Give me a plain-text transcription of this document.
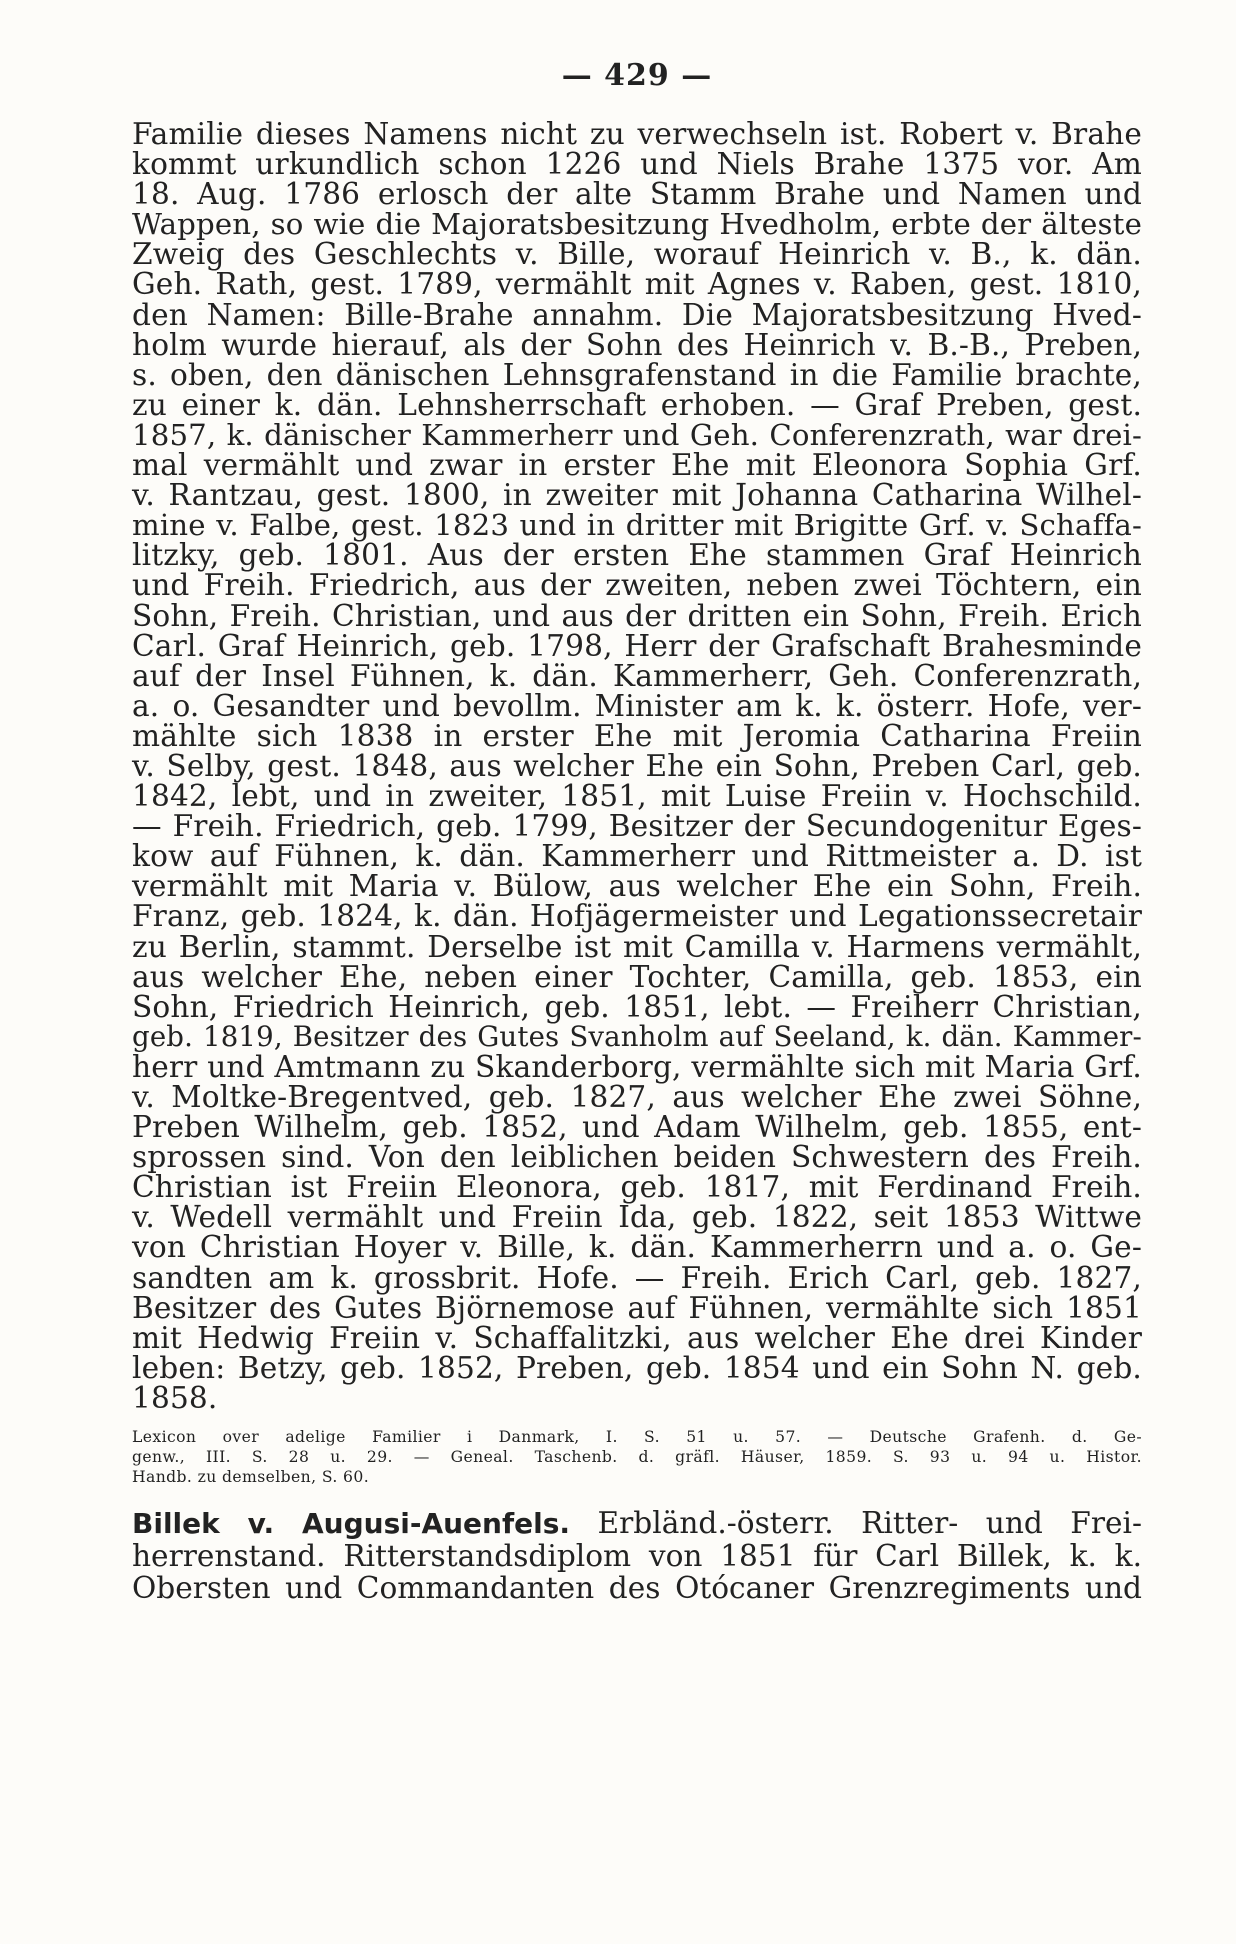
— 429 —

Familie dieses Namens nicht zu verwechseln ist. Robert v. Brahe

kommt urkundlich schon 1226 und Niels Brahe 1375 vor. Am

18. Aug. 1786 erlosch der alte Stamm Brahe und Namen und

Wappen, so wie die Majoratsbesitzung Hvedholm, erbte der älteste

Zweig des Geschlechts v. Bille, worauf Heinrich v. B., k. dän.

Geh. Rath, gest. 1789, vermählt mit Agnes v. Raben, gest. 1810,

den Namen: Bille-Brahe annahm. Die Majoratsbesitzung Hved-

holm wurde hierauf, als der Sohn des Heinrich v. B.-B., Preben,

s. oben, den dänischen Lehnsgrafenstand in die Familie brachte,

zu einer k. dän. Lehnsherrschaft erhoben. — Graf Preben, gest.

1857, k. dänischer Kammerherr und Geh. Conferenzrath, war drei-

mal vermählt und zwar in erster Ehe mit Eleonora Sophia Grf.

v. Rantzau, gest. 1800, in zweiter mit Johanna Catharina Wilhel-

mine v. Falbe, gest. 1823 und in dritter mit Brigitte Grf. v. Schaffa-

litzky, geb. 1801. Aus der ersten Ehe stammen Graf Heinrich

und Freih. Friedrich, aus der zweiten, neben zwei Töchtern, ein

Sohn, Freih. Christian, und aus der dritten ein Sohn, Freih. Erich

Carl. Graf Heinrich, geb. 1798, Herr der Grafschaft Brahesminde

auf der Insel Fühnen, k. dän. Kammerherr, Geh. Conferenzrath,

a. o. Gesandter und bevollm. Minister am k. k. österr. Hofe, ver-

mählte sich 1838 in erster Ehe mit Jeromia Catharina Freiin

v. Selby, gest. 1848, aus welcher Ehe ein Sohn, Preben Carl, geb.

1842, lebt, und in zweiter, 1851, mit Luise Freiin v. Hochschild.

— Freih. Friedrich, geb. 1799, Besitzer der Secundogenitur Eges-

kow auf Fühnen, k. dän. Kammerherr und Rittmeister a. D. ist

vermählt mit Maria v. Bülow, aus welcher Ehe ein Sohn, Freih.

Franz, geb. 1824, k. dän. Hofjägermeister und Legationssecretair

zu Berlin, stammt. Derselbe ist mit Camilla v. Harmens vermählt,

aus welcher Ehe, neben einer Tochter, Camilla, geb. 1853, ein

Sohn, Friedrich Heinrich, geb. 1851, lebt. — Freiherr Christian,

geb. 1819, Besitzer des Gutes Svanholm auf Seeland, k. dän. Kammer-

herr und Amtmann zu Skanderborg, vermählte sich mit Maria Grf.

v. Moltke-Bregentved, geb. 1827, aus welcher Ehe zwei Söhne,

Preben Wilhelm, geb. 1852, und Adam Wilhelm, geb. 1855, ent-

sprossen sind. Von den leiblichen beiden Schwestern des Freih.

Christian ist Freiin Eleonora, geb. 1817, mit Ferdinand Freih.

v. Wedell vermählt und Freiin Ida, geb. 1822, seit 1853 Wittwe

von Christian Hoyer v. Bille, k. dän. Kammerherrn und a. o. Ge-

sandten am k. grossbrit. Hofe. — Freih. Erich Carl, geb. 1827,

Besitzer des Gutes Björnemose auf Fühnen, vermählte sich 1851

mit Hedwig Freiin v. Schaffalitzki, aus welcher Ehe drei Kinder

leben: Betzy, geb. 1852, Preben, geb. 1854 und ein Sohn N. geb.

1858.

Lexicon over adelige Familier i Danmark, I. S. 51 u. 57. — Deutsche Grafenh. d. Ge-

genw., III. S. 28 u. 29. — Geneal. Taschenb. d. gräfl. Häuser, 1859. S. 93 u. 94 u. Histor.

Handb. zu demselben, S. 60.

Billek v. Augusi-Auenfels. Erbländ.-österr. Ritter- und Frei-

herrenstand. Ritterstandsdiplom von 1851 für Carl Billek, k. k.

Obersten und Commandanten des Otócaner Grenzregiments und
